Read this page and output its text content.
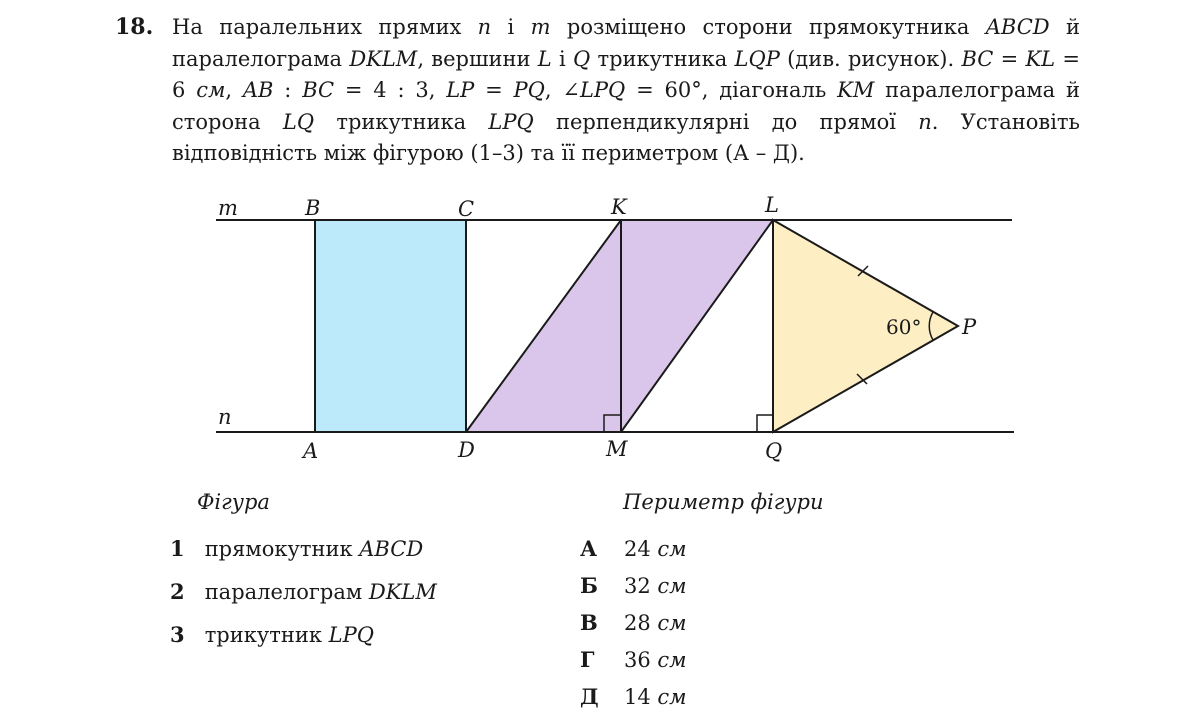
18. На паралельних прямих n і m розміщено сторони прямокутника ABCD й паралелограма DKLM, вершини L і Q трикутника LQP (див. рисунок). BC = KL = 6 см, AB : BC = 4 : 3, LP = PQ, ∠LPQ = 60°, діагональ KM паралелограма й сторона LQ трикутника LPQ перпендикулярні до прямої n. Установіть відповідність між фігурою (1–3) та її периметром (А – Д).
60°
m
n
B	C	K	L
P
A	D	M	Q
Фігура	Периметр фігури
1 прямокутник ABCD
2 паралелограм DKLM
3 трикутник LPQ
А 24 см
Б 32 см
В 28 см
Г 36 см
Д 14 см
